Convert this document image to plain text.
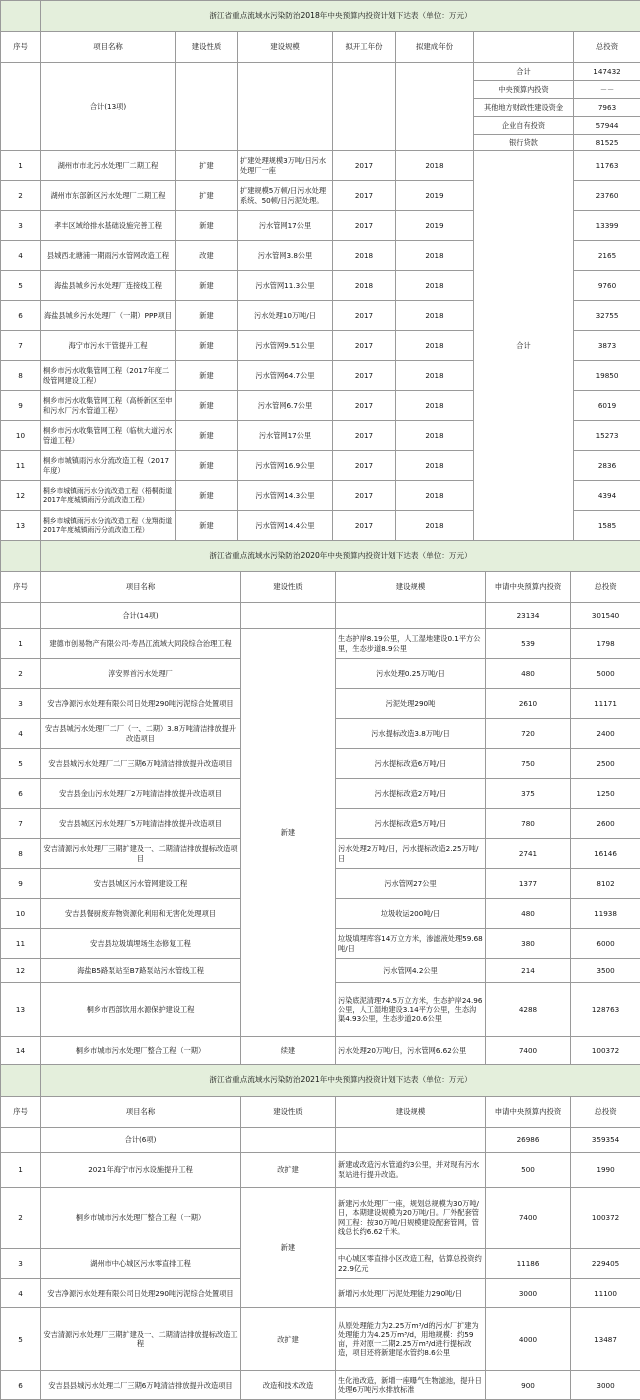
	浙江省重点流域水污染防治2018年中央预算内投资计划下达表（单位：万元）						
序号	项目名称	建设性质	建设规模	拟开工年份	拟建成年份		总投资
	合计(13项)					合计	147432
						中央预算内投资	－－
						其他地方财政性建设资金	7963
						企业自有投资	57944
						银行贷款	81525
1	湖州市市北污水处理厂二期工程	扩建	扩建处理规模3万吨/日污水处理厂一座	2017	2018	合计	11763
2	湖州市东部新区污水处理厂二期工程	扩建	扩建规模5万顿/日污水处理系统、50顿/日污泥处理。	2017	2019		23760
3	孝丰区域给排水基础设施完善工程	新建	污水管网17公里	2017	2019		13399
4	县城西北塘浦一期雨污水管网改造工程	改建	污水管网3.8公里	2018	2018		2165
5	海盐县城乡污水处理厂连接线工程	新建	污水管网11.3公里	2018	2018		9760
6	海盐县城乡污水处理厂（一期）PPP项目	新建	污水处理10万吨/日	2017	2018		32755
7	海宁市污水干管提升工程	新建	污水管网9.51公里	2017	2018		3873
8	桐乡市污水收集管网工程（2017年度二级管网建设工程）	新建	污水管网64.7公里	2017	2018		19850
9	桐乡市污水收集管网工程（高桥新区至申和污水厂污水管道工程）	新建	污水管网6.7公里	2017	2018		6019
10	桐乡市污水收集管网工程（临杭大道污水管道工程）	新建	污水管网17公里	2017	2018		15273
11	桐乡市城镇雨污水分流改造工程（2017年度）	新建	污水管网16.9公里	2017	2018		2836
12	桐乡市城镇雨污水分流改造工程（梧桐街道2017年度城镇雨污分流改造工程）	新建	污水管网14.3公里	2017	2018		4394
13	桐乡市城镇雨污水分流改造工程（龙翔街道2017年度城镇雨污分流改造工程）	新建	污水管网14.4公里	2017	2018		1585
	浙江省重点流域水污染防治2020年中央预算内投资计划下达表（单位：万元）				
序号	项目名称	建设性质	建设规模	申请中央预算内投资	总投资
	合计(14项)			23134	301540
1	建德市创易物产有限公司-寿昌江流域大同段综合治理工程	新建	生态护岸8.19公里，人工湿地建设0.1平方公里，生态步道8.9公里	539	1798
2	淳安界首污水处理厂		污水处理0.25万吨/日	480	5000
3	安吉净源污水处理有限公司日处理290吨污泥综合处置项目		污泥处理290吨	2610	11171
4	安吉县城污水处理厂二厂（一、二期）3.8万吨清洁排放提升改造项目		污水提标改造3.8万吨/日	720	2400
5	安吉县城污水处理厂二厂三期6万吨清洁排放提升改造项目		污水提标改造6万吨/日	750	2500
6	安吉县金山污水处理厂2万吨清洁排放提升改造项目		污水提标改造2万吨/日	375	1250
7	安吉县城区污水处理厂5万吨清洁排放提升改造项目		污水提标改造5万吨/日	780	2600
8	安吉清源污水处理厂三期扩建及一、二期清洁排放提标改造项目		污水处理2万吨/日，污水提标改造2.25万吨/日	2741	16146
9	安吉县城区污水管网建设工程		污水管网27公里	1377	8102
10	安吉县餐厨废弃物资源化利用和无害化处理项目		垃圾收运200吨/日	480	11938
11	安吉县垃圾填埋场生态修复工程		垃圾填埋库容14万立方米，渗滤液处理59.68吨/日	380	6000
12	海盐B5路泵站至B7路泵站污水管线工程		污水管网4.2公里	214	3500
13	桐乡市西部饮用水源保护建设工程		污染底泥清理74.5万立方米，生态护岸24.96公里，人工湿地建设3.14平方公里，生态沟渠4.93公里，生态步道20.6公里	4288	128763
14	桐乡市城市污水处理厂整合工程（一期）	续建	污水处理20万吨/日，污水管网6.62公里	7400	100372
	浙江省重点流域水污染防治2021年中央预算内投资计划下达表（单位：万元）				
序号	项目名称	建设性质	建设规模	申请中央预算内投资	总投资
	合计(6项)			26986	359354
1	2021年海宁市污水设施提升工程	改扩建	新建或改造污水管道约3公里，并对现有污水泵站进行提升改造。	500	1990
2	桐乡市城市污水处理厂整合工程（一期）	新建	新建污水处理厂一座，规划总规模为30万吨/日，本期建设规模为20万吨/日。厂外配套管网工程：按30万吨/日规模建设配套管网，管线总长约6.62千米。	7400	100372
3	湖州市中心城区污水零直排工程		中心城区零直排小区改造工程，估算总投资约22.9亿元	11186	229405
4	安吉净源污水处理有限公司日处理290吨污泥综合处置项目		新增污水处理厂污泥处理能力290吨/日	3000	11100
5	安吉清源污水处理厂三期扩建及一、二期清洁排放提标改造工程	改扩建	从原处理能力为2.25万m³/d的污水厂扩建为处理能力为4.25万m³/d，用地规模：约59亩，并对原一二期2.25万m³/d进行提标改造，项目还将新建尾水管约8.6公里	4000	13487
6	安吉县县城污水处理二厂三期6万吨清洁排放提升改造项目	改造和技术改造	生化池改造，新增一座曝气生物滤池，提升日处理6万吨污水排放标准	900	3000
